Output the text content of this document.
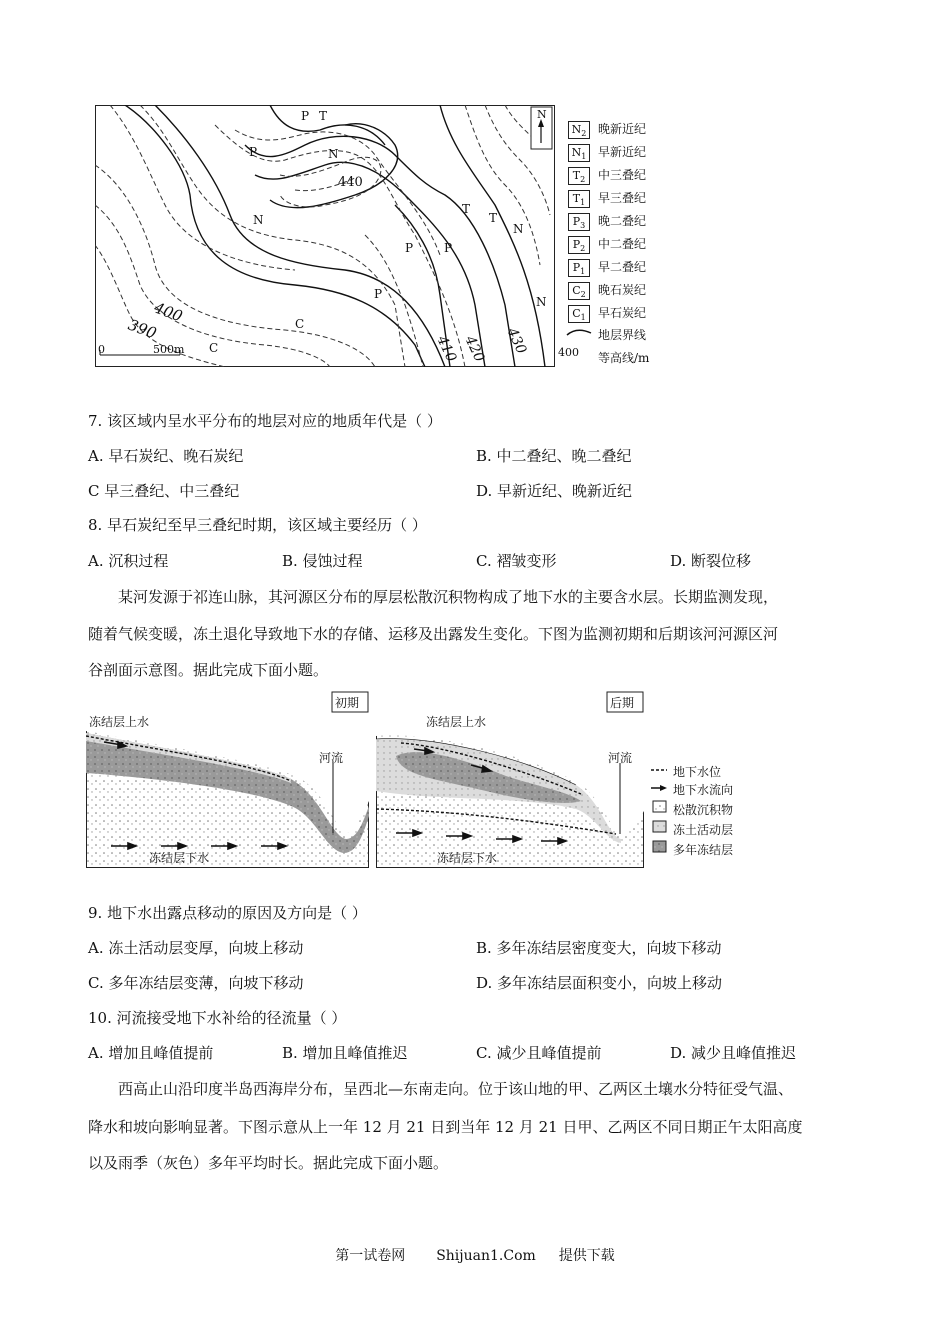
P T
P	N
440
N	T
N
T
P
P
P
N
C
C
400
390
410 420 430
0	500m
N
$N_2$ 晚新近纪
$N_1$ 早新近纪
$T_2$	中三叠纪
$T_1$	早三叠纪
$P_3$	晚二叠纪
$P_2$	中二叠纪
$P_1$	早二叠纪
$C_2$	晚石炭纪
$C_1$	早石炭纪
地层界线
400 等高线/m
7. 该区域内呈水平分布的地层对应的地质年代是（ ）
A. 早石炭纪、晚石炭纪	B. 中二叠纪、晚二叠纪
C 早三叠纪、中三叠纪	D. 早新近纪、晚新近纪
8. 早石炭纪至早三叠纪时期，该区域主要经历（ ）
A. 沉积过程	B. 侵蚀过程	C. 褶皱变形	D. 断裂位移
某河发源于祁连山脉，其河源区分布的厚层松散沉积物构成了地下水的主要含水层。长期监测发现，
随着气候变暖，冻土退化导致地下水的存储、运移及出露发生变化。下图为监测初期和后期该河河源区河
谷剖面示意图。据此完成下面小题。
初期
冻结层上水
河流
冻结层下水
后期
冻结层上水
河流
冻结层下水
地下水位
地下水流向
松散沉积物
冻土活动层
多年冻结层
9. 地下水出露点移动的原因及方向是（ ）
A. 冻土活动层变厚，向坡上移动	B. 多年冻结层密度变大，向坡下移动
C. 多年冻结层变薄，向坡下移动	D. 多年冻结层面积变小，向坡上移动
10. 河流接受地下水补给的径流量（ ）
A. 增加且峰值提前	B. 增加且峰值推迟	C. 减少且峰值提前	D. 减少且峰值推迟
西高止山沿印度半岛西海岸分布，呈西北—东南走向。位于该山地的甲、乙两区土壤水分特征受气温、
降水和坡向影响显著。下图示意从上一年 12 月 21 日到当年 12 月 21 日甲、乙两区不同日期正午太阳高度
以及雨季（灰色）多年平均时长。据此完成下面小题。
第一试卷网 Shijuan1.Com 提供下载
